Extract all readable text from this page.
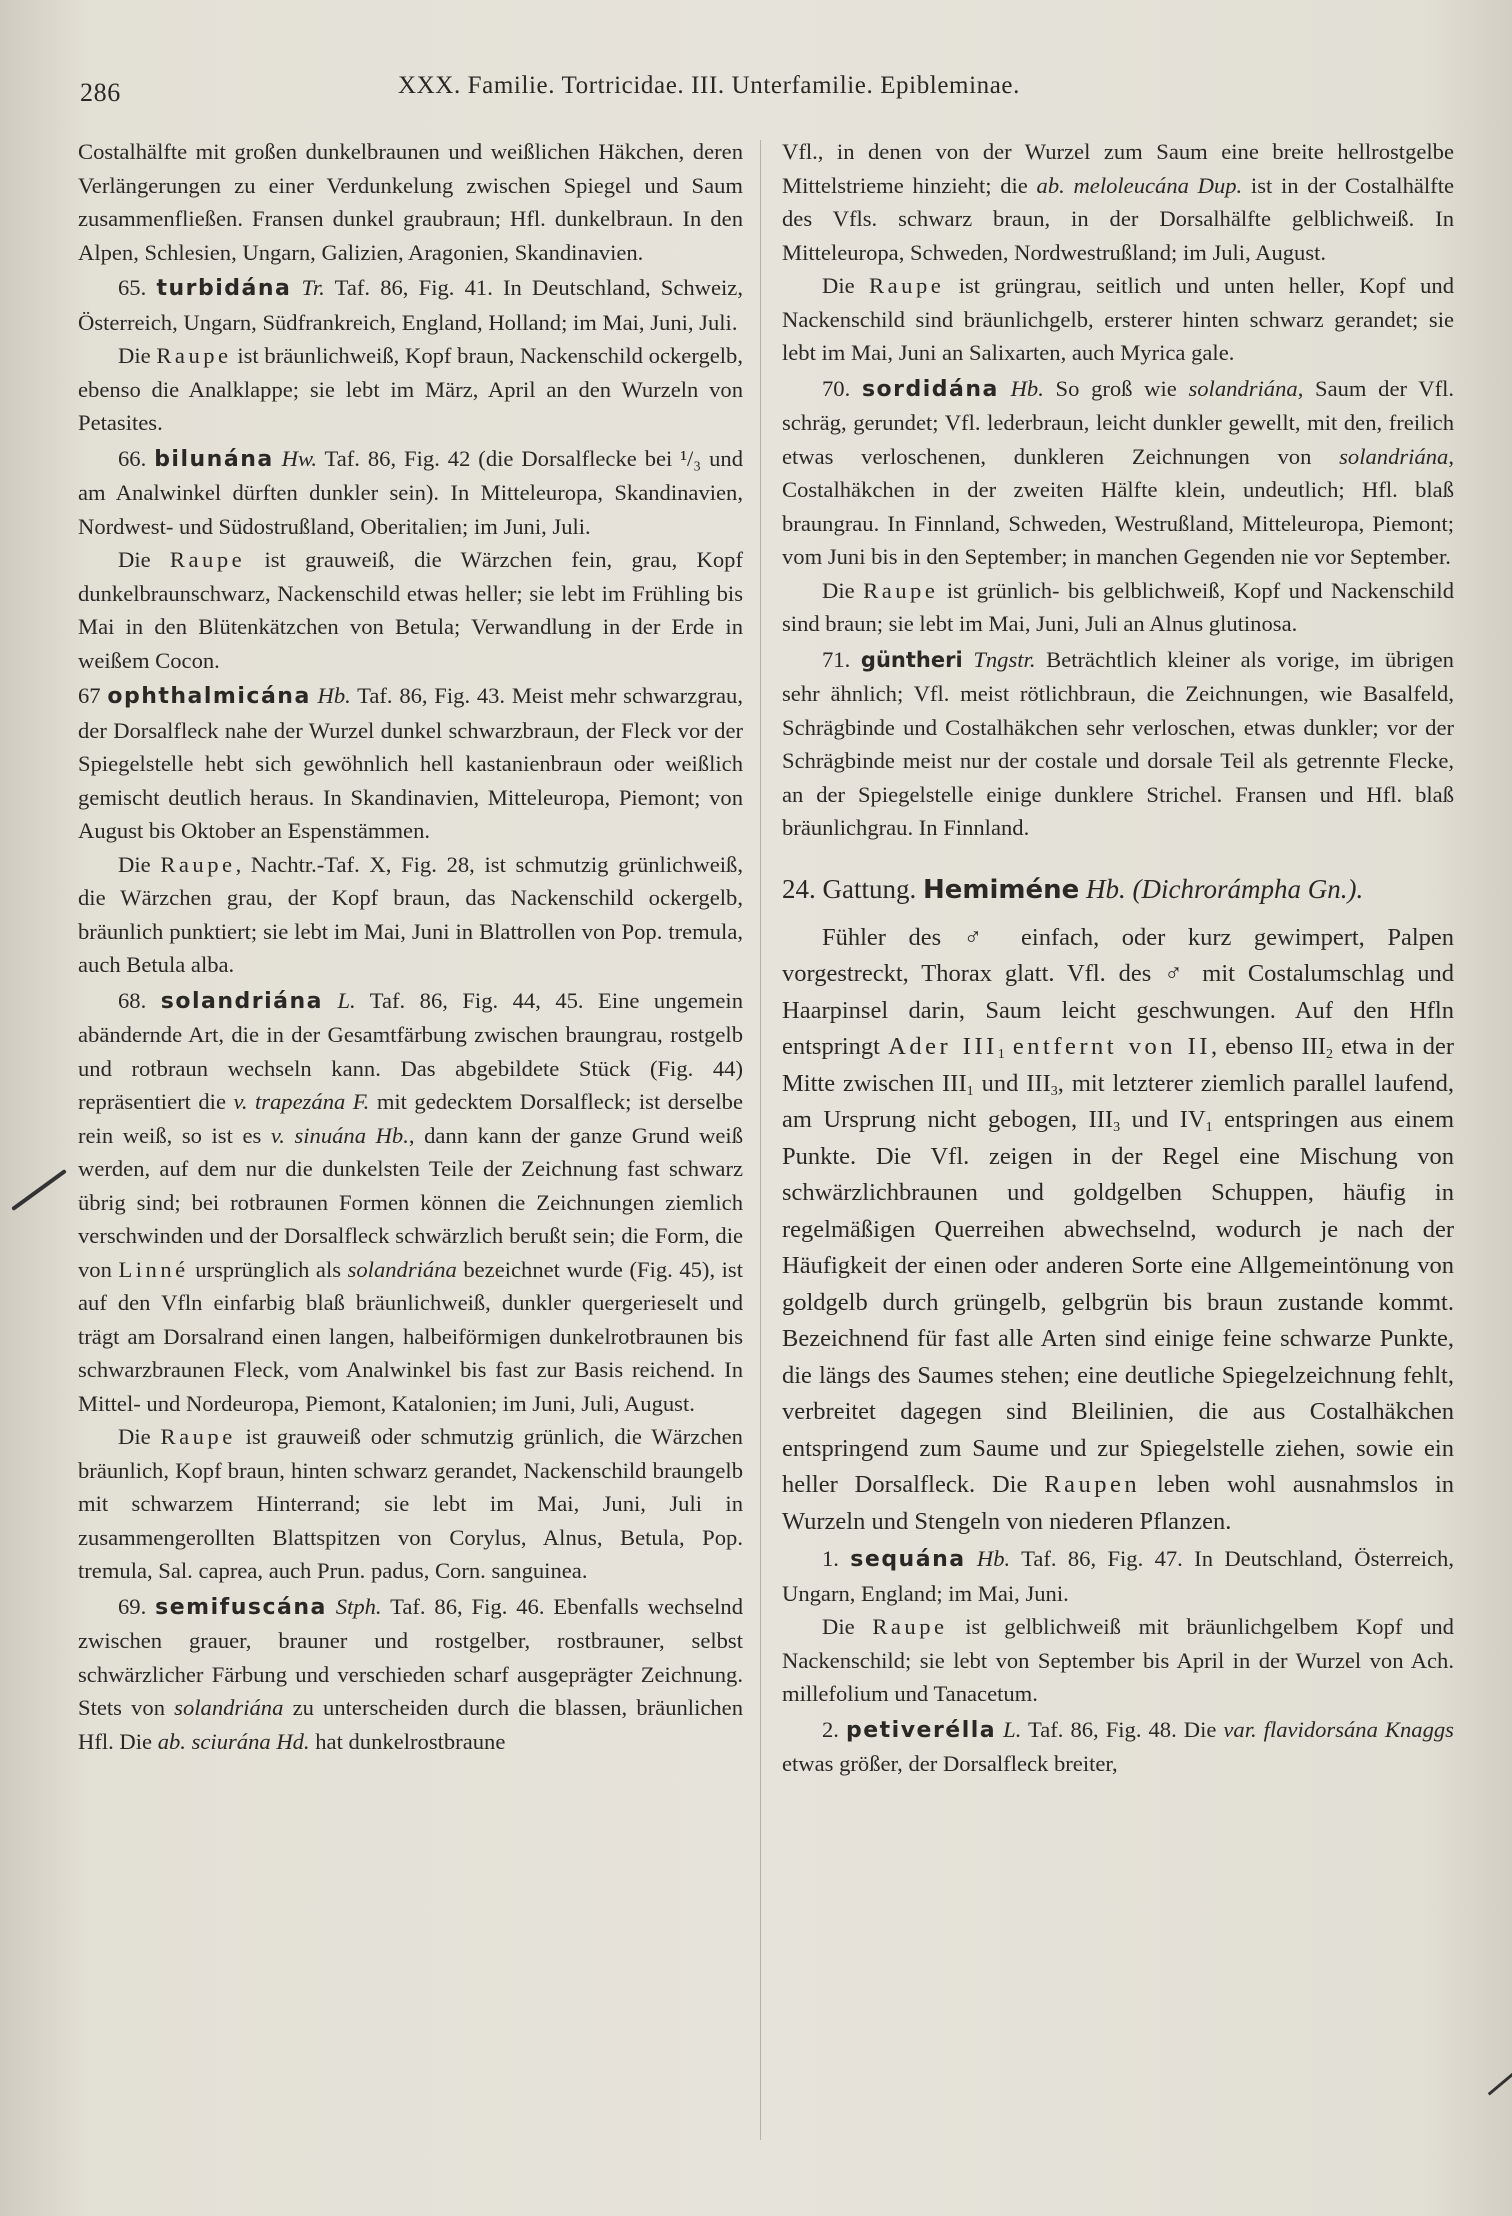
286	XXX. Familie. Tortricidae. III. Unterfamilie. Epibleminae.

Costalhälfte mit großen dunkelbraunen und weißlichen Häkchen, deren Verlängerungen zu einer Verdunkelung zwischen Spiegel und Saum zusammenfließen. Fransen dunkel graubraun; Hfl. dunkelbraun. In den Alpen, Schlesien, Ungarn, Galizien, Aragonien, Skandinavien.

65. turbidána Tr. Taf. 86, Fig. 41. In Deutschland, Schweiz, Österreich, Ungarn, Südfrankreich, England, Holland; im Mai, Juni, Juli.

Die Raupe ist bräunlichweiß, Kopf braun, Nackenschild ockergelb, ebenso die Analklappe; sie lebt im März, April an den Wurzeln von Petasites.

66. bilunána Hw. Taf. 86, Fig. 42 (die Dorsalflecke bei ¹/₃ und am Analwinkel dürften dunkler sein). In Mitteleuropa, Skandinavien, Nordwest- und Südostrußland, Oberitalien; im Juni, Juli.

Die Raupe ist grauweiß, die Wärzchen fein, grau, Kopf dunkelbraunschwarz, Nackenschild etwas heller; sie lebt im Frühling bis Mai in den Blütenkätzchen von Betula; Verwandlung in der Erde in weißem Cocon.

67 ophthalmicána Hb. Taf. 86, Fig. 43. Meist mehr schwarzgrau, der Dorsalfleck nahe der Wurzel dunkel schwarzbraun, der Fleck vor der Spiegelstelle hebt sich gewöhnlich hell kastanienbraun oder weißlich gemischt deutlich heraus. In Skandinavien, Mitteleuropa, Piemont; von August bis Oktober an Espenstämmen.

Die Raupe, Nachtr.-Taf. X, Fig. 28, ist schmutzig grünlichweiß, die Wärzchen grau, der Kopf braun, das Nackenschild ockergelb, bräunlich punktiert; sie lebt im Mai, Juni in Blattrollen von Pop. tremula, auch Betula alba.

68. solandriána L. Taf. 86, Fig. 44, 45. Eine ungemein abändernde Art, die in der Gesamtfärbung zwischen braungrau, rostgelb und rotbraun wechseln kann. Das abgebildete Stück (Fig. 44) repräsentiert die v. trapezána F. mit gedecktem Dorsalfleck; ist derselbe rein weiß, so ist es v. sinuána Hb., dann kann der ganze Grund weiß werden, auf dem nur die dunkelsten Teile der Zeichnung fast schwarz übrig sind; bei rotbraunen Formen können die Zeichnungen ziemlich verschwinden und der Dorsalfleck schwärzlich berußt sein; die Form, die von Linné ursprünglich als solandriána bezeichnet wurde (Fig. 45), ist auf den Vfln einfarbig blaß bräunlichweiß, dunkler quergerieselt und trägt am Dorsalrand einen langen, halbeiförmigen dunkelrotbraunen bis schwarzbraunen Fleck, vom Analwinkel bis fast zur Basis reichend. In Mittel- und Nordeuropa, Piemont, Katalonien; im Juni, Juli, August.

Die Raupe ist grauweiß oder schmutzig grünlich, die Wärzchen bräunlich, Kopf braun, hinten schwarz gerandet, Nackenschild braungelb mit schwarzem Hinterrand; sie lebt im Mai, Juni, Juli in zusammengerollten Blattspitzen von Corylus, Alnus, Betula, Pop. tremula, Sal. caprea, auch Prun. padus, Corn. sanguinea.

69. semifuscána Stph. Taf. 86, Fig. 46. Ebenfalls wechselnd zwischen grauer, brauner und rostgelber, rostbrauner, selbst schwärzlicher Färbung und verschieden scharf ausgeprägter Zeichnung. Stets von solandriána zu unterscheiden durch die blassen, bräunlichen Hfl. Die ab. sciurána Hd. hat dunkelrostbraune

Vfl., in denen von der Wurzel zum Saum eine breite hellrostgelbe Mittelstrieme hinzieht; die ab. meloleucána Dup. ist in der Costalhälfte des Vfls. schwarz braun, in der Dorsalhälfte gelblichweiß. In Mitteleuropa, Schweden, Nordwestrußland; im Juli, August.

Die Raupe ist grüngrau, seitlich und unten heller, Kopf und Nackenschild sind bräunlichgelb, ersterer hinten schwarz gerandet; sie lebt im Mai, Juni an Salixarten, auch Myrica gale.

70. sordidána Hb. So groß wie solandriána, Saum der Vfl. schräg, gerundet; Vfl. lederbraun, leicht dunkler gewellt, mit den, freilich etwas verloschenen, dunkleren Zeichnungen von solandriána, Costalhäkchen in der zweiten Hälfte klein, undeutlich; Hfl. blaß braungrau. In Finnland, Schweden, Westrußland, Mitteleuropa, Piemont; vom Juni bis in den September; in manchen Gegenden nie vor September.

Die Raupe ist grünlich- bis gelblichweiß, Kopf und Nackenschild sind braun; sie lebt im Mai, Juni, Juli an Alnus glutinosa.

71. güntheri Tngstr. Beträchtlich kleiner als vorige, im übrigen sehr ähnlich; Vfl. meist rötlichbraun, die Zeichnungen, wie Basalfeld, Schrägbinde und Costalhäkchen sehr verloschen, etwas dunkler; vor der Schrägbinde meist nur der costale und dorsale Teil als getrennte Flecke, an der Spiegelstelle einige dunklere Strichel. Fransen und Hfl. blaß bräunlichgrau. In Finnland.

24. Gattung. Hemiméne Hb. (Dichrorámpha Gn.).

Fühler des ♂ einfach, oder kurz gewimpert, Palpen vorgestreckt, Thorax glatt. Vfl. des ♂ mit Costalumschlag und Haarpinsel darin, Saum leicht geschwungen. Auf den Hfln entspringt Ader $III_1$ entfernt von II, ebenso $III_2$ etwa in der Mitte zwischen $III_1$ und $III_3$, mit letzterer ziemlich parallel laufend, am Ursprung nicht gebogen, $III_3$ und $IV_1$ entspringen aus einem Punkte. Die Vfl. zeigen in der Regel eine Mischung von schwärzlichbraunen und goldgelben Schuppen, häufig in regelmäßigen Querreihen abwechselnd, wodurch je nach der Häufigkeit der einen oder anderen Sorte eine Allgemeintönung von goldgelb durch grüngelb, gelbgrün bis braun zustande kommt. Bezeichnend für fast alle Arten sind einige feine schwarze Punkte, die längs des Saumes stehen; eine deutliche Spiegelzeichnung fehlt, verbreitet dagegen sind Bleilinien, die aus Costalhäkchen entspringend zum Saume und zur Spiegelstelle ziehen, sowie ein heller Dorsalfleck. Die Raupen leben wohl ausnahmslos in Wurzeln und Stengeln von niederen Pflanzen.

1. sequána Hb. Taf. 86, Fig. 47. In Deutschland, Österreich, Ungarn, England; im Mai, Juni.

Die Raupe ist gelblichweiß mit bräunlichgelbem Kopf und Nackenschild; sie lebt von September bis April in der Wurzel von Ach. millefolium und Tanacetum.

2. petiverélla L. Taf. 86, Fig. 48. Die var. flavidorsána Knaggs etwas größer, der Dorsalfleck breiter,
